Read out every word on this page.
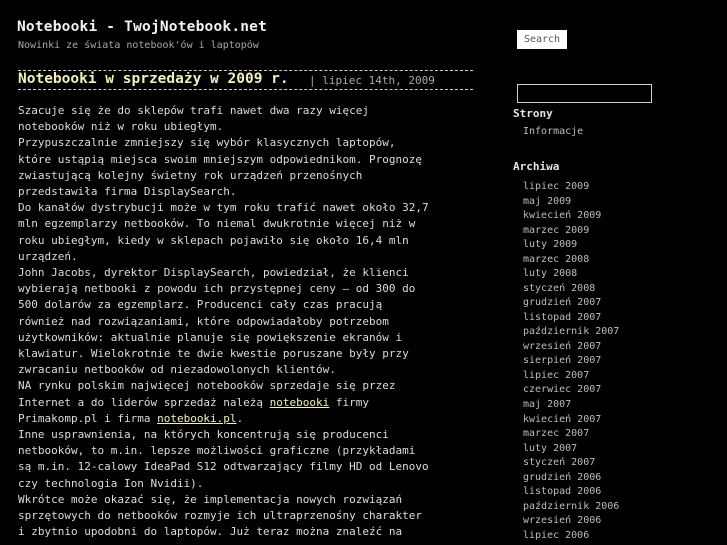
Notebooki - TwojNotebook.net
Nowinki ze świata notebook'ów i laptopów
Notebooki w sprzedaży w 2009 r. | lipiec 14th, 2009
Szacuje się że do sklepów trafi nawet dwa razy więcej
notebooków niż w roku ubiegłym.
Przypuszczalnie zmniejszy się wybór klasycznych laptopów,
które ustąpią miejsca swoim mniejszym odpowiednikom. Prognozę
zwiastującą kolejny świetny rok urządzeń przenośnych
przedstawiła firma DisplaySearch.
Do kanałów dystrybucji może w tym roku trafić nawet około 32,7
mln egzemplarzy netbooków. To niemal dwukrotnie więcej niż w
roku ubiegłym, kiedy w sklepach pojawiło się około 16,4 mln
urządzeń.
John Jacobs, dyrektor DisplaySearch, powiedział, że klienci
wybierają netbooki z powodu ich przystępnej ceny – od 300 do
500 dolarów za egzemplarz. Producenci cały czas pracują
również nad rozwiązaniami, które odpowiadałoby potrzebom
użytkowników: aktualnie planuje się powiększenie ekranów i
klawiatur. Wielokrotnie te dwie kwestie poruszane były przy
zwracaniu netbooków od niezadowolonych klientów.
NA rynku polskim najwięcej notebooków sprzedaje się przez
Internet a do liderów sprzedaż należą notebooki firmy
Primakomp.pl i firma notebooki.pl.
Inne usprawnienia, na których koncentrują się producenci
netbooków, to m.in. lepsze możliwości graficzne (przykładami
są m.in. 12-calowy IdeaPad S12 odtwarzający filmy HD od Lenovo
czy technologia Ion Nvidii).
Wkrótce może okazać się, że implementacja nowych rozwiązań
sprzętowych do netbooków rozmyje ich ultraprzenośny charakter
i zbytnio upodobni do laptopów. Już teraz można znaleźć na
Search
Strony
Informacje
Archiwa
lipiec 2009
maj 2009
kwiecień 2009
marzec 2009
luty 2009
marzec 2008
luty 2008
styczeń 2008
grudzień 2007
listopad 2007
październik 2007
wrzesień 2007
sierpień 2007
lipiec 2007
czerwiec 2007
maj 2007
kwiecień 2007
marzec 2007
luty 2007
styczeń 2007
grudzień 2006
listopad 2006
październik 2006
wrzesień 2006
lipiec 2006
